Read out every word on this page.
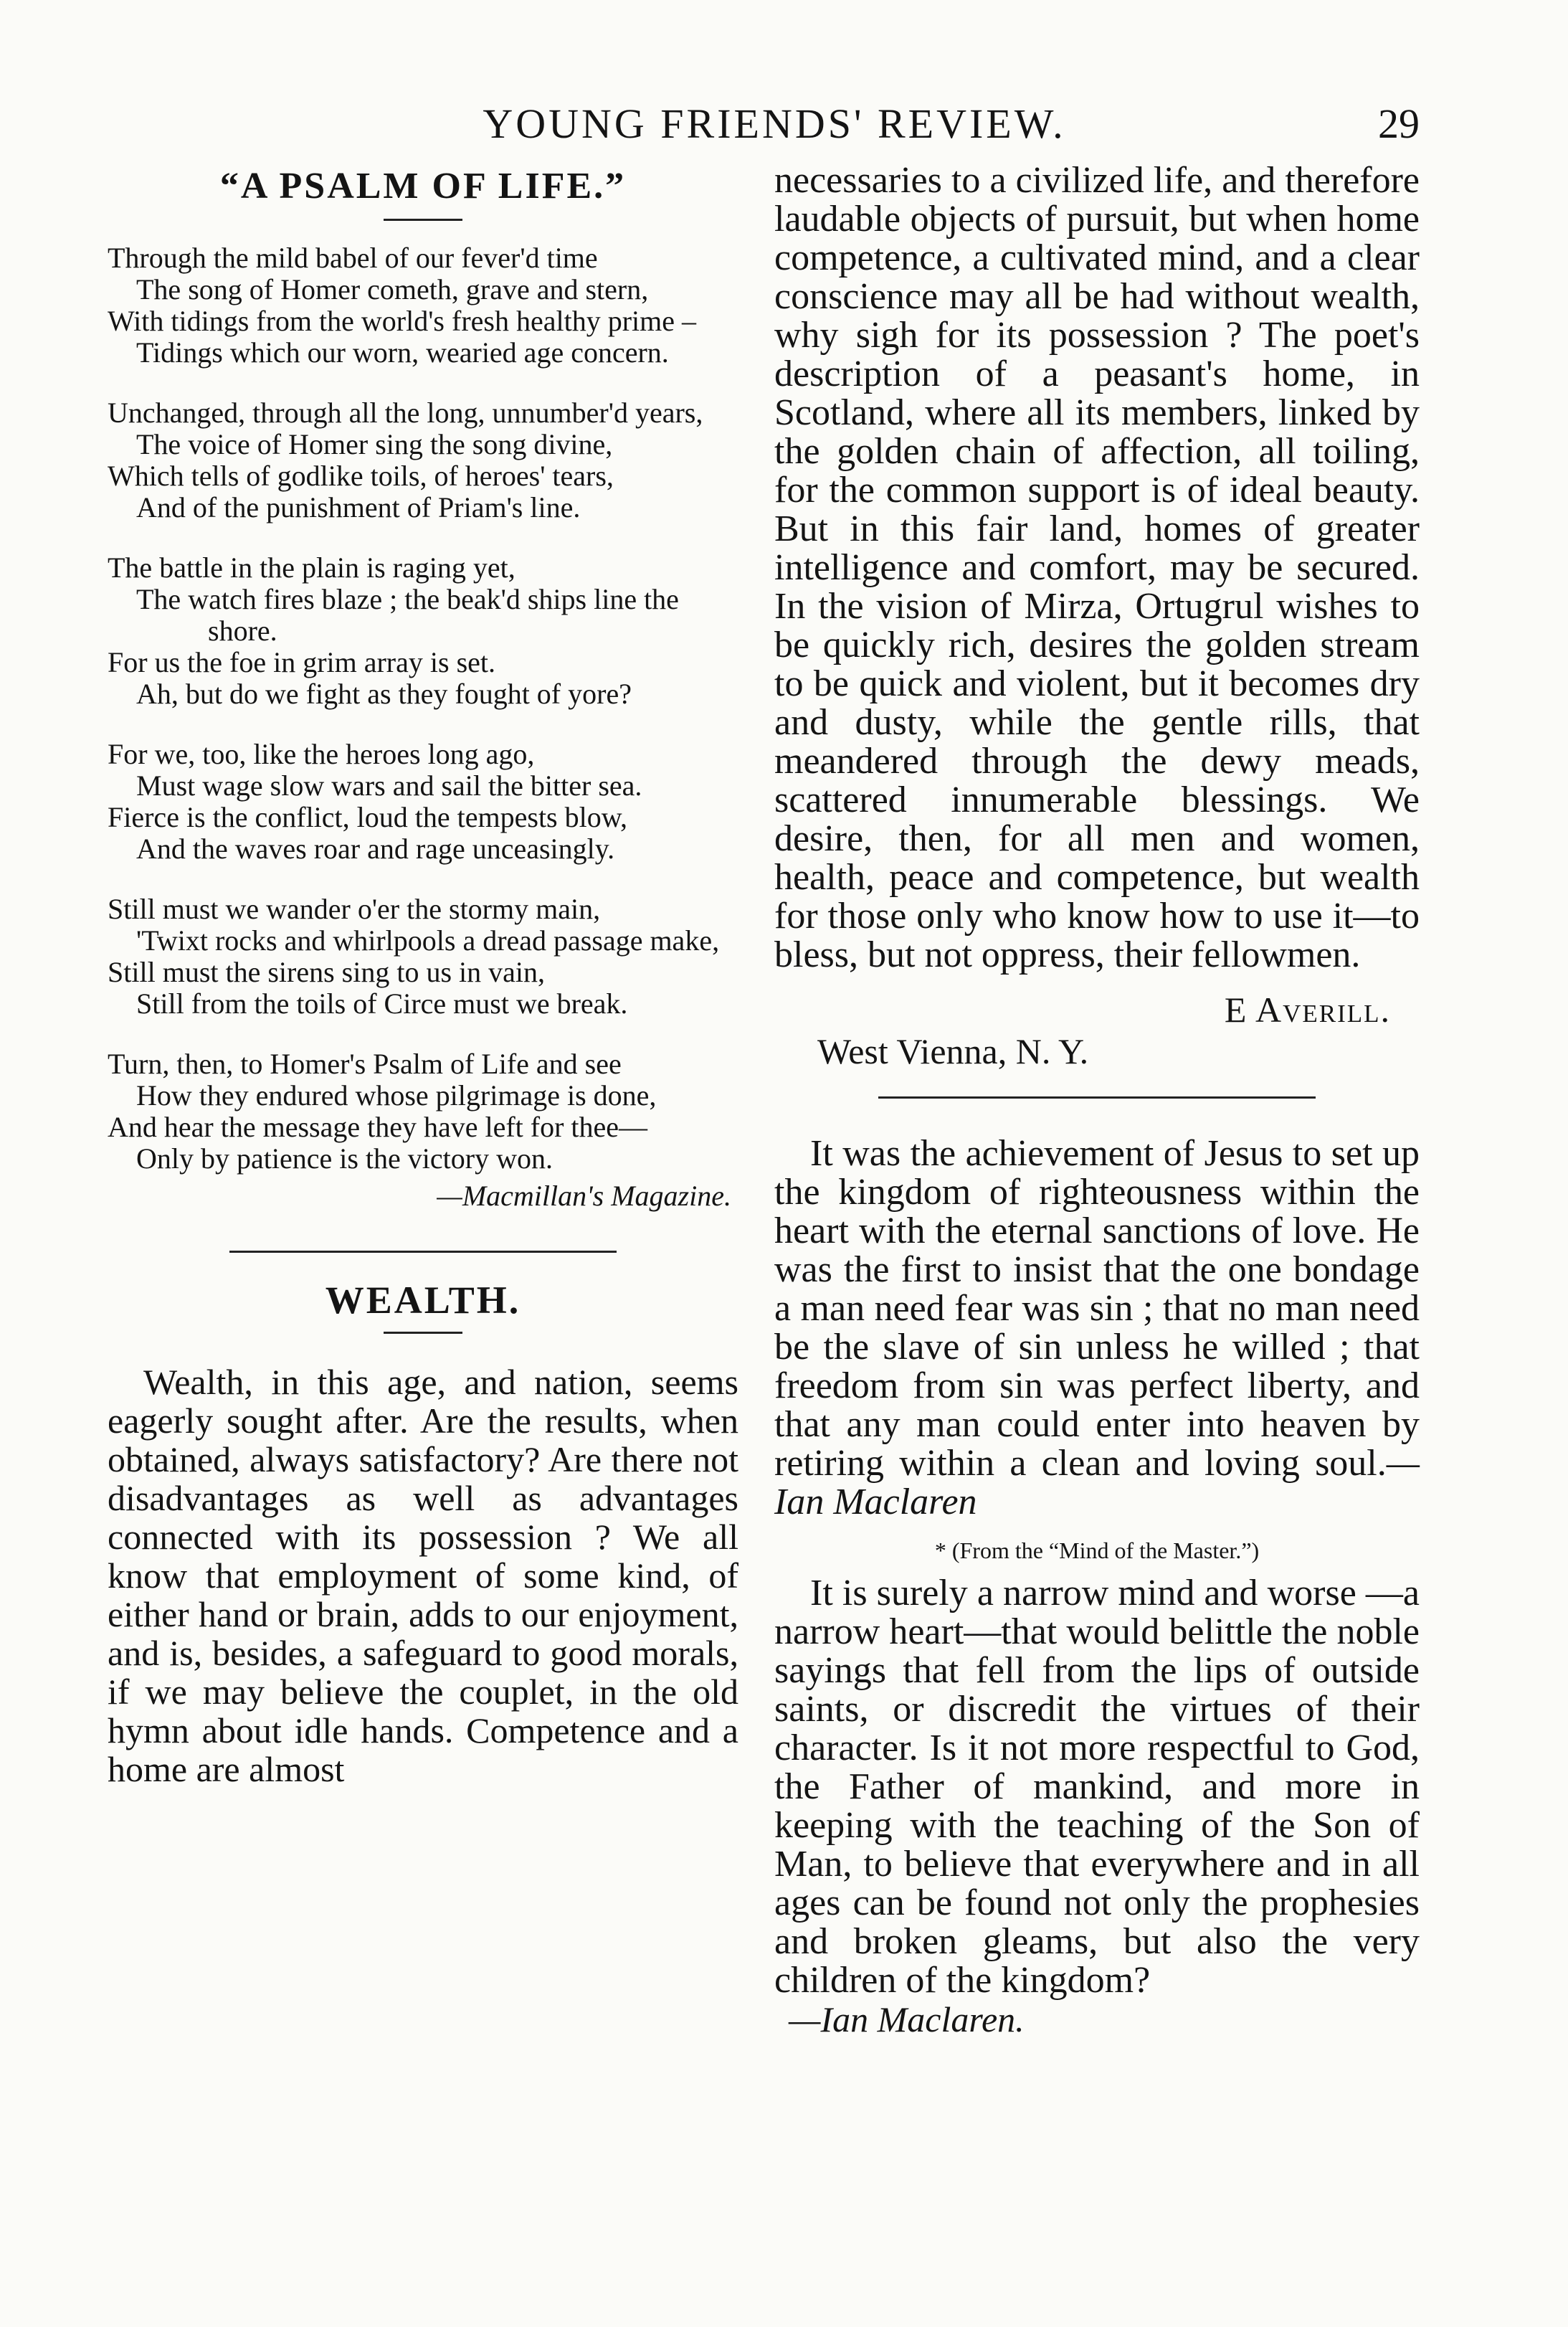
YOUNG FRIENDS' REVIEW.	29
“A PSALM OF LIFE.”

Through the mild babel of our fever'd time

The song of Homer cometh, grave and stern,

With tidings from the world's fresh healthy prime –

Tidings which our worn, wearied age concern.

Unchanged, through all the long, unnumber'd years,

The voice of Homer sing the song divine,

Which tells of godlike toils, of heroes' tears,

And of the punishment of Priam's line.

The battle in the plain is raging yet,

The watch fires blaze ; the beak'd ships line the shore.

For us the foe in grim array is set.

Ah, but do we fight as they fought of yore?

For we, too, like the heroes long ago,

Must wage slow wars and sail the bitter sea.

Fierce is the conflict, loud the tempests blow,

And the waves roar and rage unceasingly.

Still must we wander o'er the stormy main,

'Twixt rocks and whirlpools a dread passage make,

Still must the sirens sing to us in vain,

Still from the toils of Circe must we break.

Turn, then, to Homer's Psalm of Life and see

How they endured whose pilgrimage is done,

And hear the message they have left for thee—

Only by patience is the victory won.

—Macmillan's Magazine.
WEALTH.

Wealth, in this age, and nation, seems eagerly sought after. Are the results, when obtained, always satisfactory? Are there not disadvantages as well as advantages connected with its possession ? We all know that employment of some kind, of either hand or brain, adds to our enjoyment, and is, besides, a safeguard to good morals, if we may believe the couplet, in the old hymn about idle hands. Competence and a home are almost

necessaries to a civilized life, and therefore laudable objects of pursuit, but when home competence, a cultivated mind, and a clear conscience may all be had without wealth, why sigh for its possession ? The poet's description of a peasant's home, in Scotland, where all its members, linked by the golden chain of affection, all toiling, for the common support is of ideal beauty. But in this fair land, homes of greater intelligence and comfort, may be secured. In the vision of Mirza, Ortugrul wishes to be quickly rich, desires the golden stream to be quick and violent, but it becomes dry and dusty, while the gentle rills, that meandered through the dewy meads, scattered innumerable blessings. We desire, then, for all men and women, health, peace and competence, but wealth for those only who know how to use it—to bless, but not oppress, their fellowmen.

E Averill.

West Vienna, N. Y.

It was the achievement of Jesus to set up the kingdom of righteousness within the heart with the eternal sanctions of love. He was the first to insist that the one bondage a man need fear was sin ; that no man need be the slave of sin unless he willed ; that freedom from sin was perfect liberty, and that any man could enter into heaven by retiring within a clean and loving soul.—Ian Maclaren

* (From the “Mind of the Master.”)

It is surely a narrow mind and worse —a narrow heart—that would belittle the noble sayings that fell from the lips of outside saints, or discredit the virtues of their character. Is it not more respectful to God, the Father of mankind, and more in keeping with the teaching of the Son of Man, to believe that everywhere and in all ages can be found not only the prophesies and broken gleams, but also the very children of the kingdom?

—Ian Maclaren.
